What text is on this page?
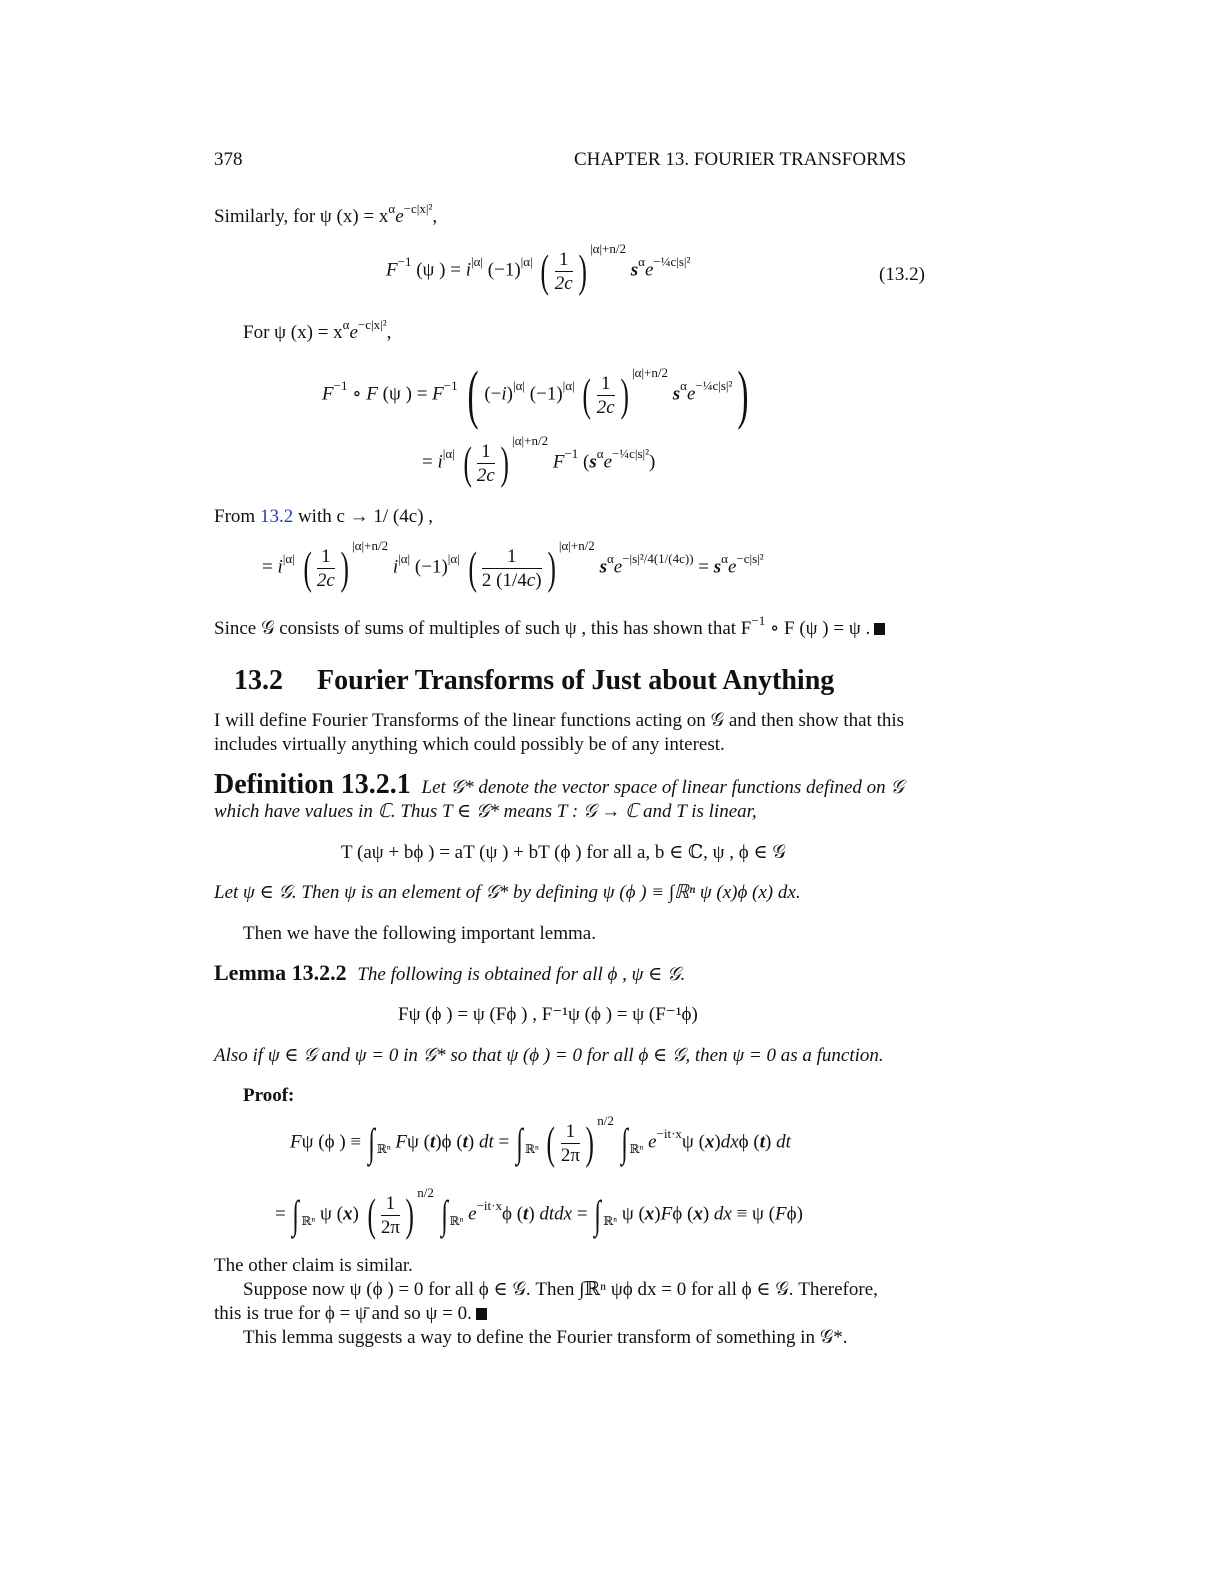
378	CHAPTER 13. FOURIER TRANSFORMS
Similarly, for ψ $(x) = x^\alpha e^{-c|x|^2}$,
$F^{-1}$ (ψ ) = $i^{|\alpha|}$ $(-1)^{|\alpha|}$ ( $\frac{1}{2c}$ ) $^{|\alpha|+n/2}$ $s^\alpha e^{-\frac{1}{4}c|s|^2}$
(13.2)
For ψ $(x) = x^\alpha e^{-c|x|^2}$,
$F^{-1}$ ∘ F (ψ ) = $F^{-1}$ ( $(-i)^{|\alpha|}$ $(-1)^{|\alpha|}$ ( $\frac{1}{2c}$ ) $^{|\alpha|+n/2}$ $s^\alpha e^{-\frac{1}{4}c|s|^2}$)
= $i^{|\alpha|}$ ( $\frac{1}{2c}$ ) $^{|\alpha|+n/2}$ $F^{-1}$ $(s^\alpha e^{-\frac{1}{4}c|s|^2})$
From 13.2 with c → 1/ (4c) ,
= $i^{|\alpha|}$ ( $\frac{1}{2c}$ ) $^{|\alpha|+n/2}$ $i^{|\alpha|}$ $(-1)^{|\alpha|}$ ( $\frac{1}{2 (1/4c)}$ ) $^{|\alpha|+n/2}$ $s^\alpha e^{-|s|^2/4(1/(4c))} = s^\alpha e^{-c|s|^2}$
Since 𝒢 consists of sums of multiples of such ψ , this has shown that $F^{-1}$ ∘ F (ψ ) = ψ .
13.2 Fourier Transforms of Just about Anything
I will define Fourier Transforms of the linear functions acting on 𝒢 and then show that this
includes virtually anything which could possibly be of any interest.
Definition 13.2.1 Let 𝒢* denote the vector space of linear functions defined on 𝒢
which have values in ℂ. Thus T ∈ 𝒢* means T : 𝒢 → ℂ and T is linear,
T (aψ + bϕ ) = aT (ψ ) + bT (ϕ ) for all a, b ∈ ℂ, ψ , ϕ ∈ 𝒢
Let ψ ∈ 𝒢. Then ψ is an element of 𝒢* by defining ψ (ϕ ) ≡ ∫ℝⁿ ψ (x)ϕ (x) dx.
Then we have the following important lemma.
Lemma 13.2.2 The following is obtained for all ϕ , ψ ∈ 𝒢.
Fψ (ϕ ) = ψ (Fϕ ) , F⁻¹ψ (ϕ ) = ψ (F⁻¹ϕ)
Also if ψ ∈ 𝒢 and ψ = 0 in 𝒢* so that ψ (ϕ ) = 0 for all ϕ ∈ 𝒢, then ψ = 0 as a function.
Proof:
Fψ (ϕ ) ≡ ∫ $_{ℝ^n}$ Fψ (t)ϕ (t) dt = ∫ $_{ℝ^n}$ ( $\frac{1}{2\pi}$ ) $^{n/2}$ ∫ $_{ℝ^n}$ $e^{-it\cdot x}\psi$ (x)dxϕ (t) dt
= ∫ $_{ℝ^n}$ ψ (x) ( $\frac{1}{2\pi}$ ) $^{n/2}$ ∫ $_{ℝ^n}$ $e^{-it\cdot x}\phi$ (t) dtdx = ∫ $_{ℝ^n}$ ψ (x)Fϕ (x) dx ≡ ψ (Fϕ)
The other claim is similar.
Suppose now ψ (ϕ ) = 0 for all ϕ ∈ 𝒢. Then ∫ℝⁿ ψϕ dx = 0 for all ϕ ∈ 𝒢. Therefore,
this is true for ϕ = ψ̄ and so ψ = 0.
This lemma suggests a way to define the Fourier transform of something in 𝒢*.
